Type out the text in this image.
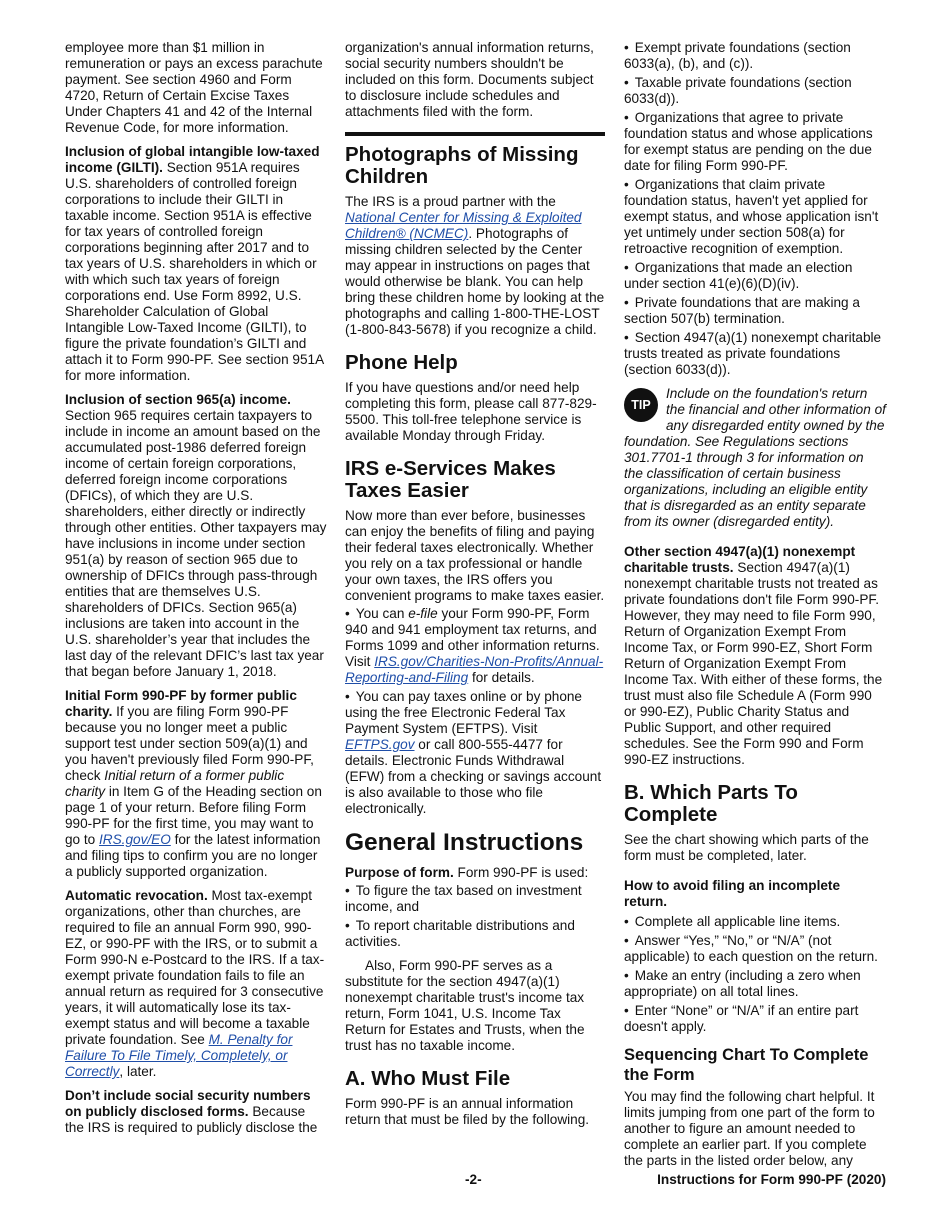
employee more than $1 million in remuneration or pays an excess parachute payment. See section 4960 and Form 4720, Return of Certain Excise Taxes Under Chapters 41 and 42 of the Internal Revenue Code, for more information.

Inclusion of global intangible low-taxed income (GILTI). Section 951A requires U.S. shareholders of controlled foreign corporations to include their GILTI in taxable income. Section 951A is effective for tax years of controlled foreign corporations beginning after 2017 and to tax years of U.S. shareholders in which or with which such tax years of foreign corporations end. Use Form 8992, U.S. Shareholder Calculation of Global Intangible Low-Taxed Income (GILTI), to figure the private foundation’s GILTI and attach it to Form 990-PF. See section 951A for more information.

Inclusion of section 965(a) income. Section 965 requires certain taxpayers to include in income an amount based on the accumulated post-1986 deferred foreign income of certain foreign corporations, deferred foreign income corporations (DFICs), of which they are U.S. shareholders, either directly or indirectly through other entities. Other taxpayers may have inclusions in income under section 951(a) by reason of section 965 due to ownership of DFICs through pass-through entities that are themselves U.S. shareholders of DFICs. Section 965(a) inclusions are taken into account in the U.S. shareholder’s year that includes the last day of the relevant DFIC’s last tax year that began before January 1, 2018.

Initial Form 990-PF by former public charity. If you are filing Form 990-PF because you no longer meet a public support test under section 509(a)(1) and you haven't previously filed Form 990-PF, check Initial return of a former public charity in Item G of the Heading section on page 1 of your return. Before filing Form 990-PF for the first time, you may want to go to IRS.gov/EO for the latest information and filing tips to confirm you are no longer a publicly supported organization.

Automatic revocation. Most tax-exempt organizations, other than churches, are required to file an annual Form 990, 990-EZ, or 990-PF with the IRS, or to submit a Form 990-N e-Postcard to the IRS. If a tax-exempt private foundation fails to file an annual return as required for 3 consecutive years, it will automatically lose its tax-exempt status and will become a taxable private foundation. See M. Penalty for Failure To File Timely, Completely, or Correctly, later.

Don’t include social security numbers on publicly disclosed forms. Because the IRS is required to publicly disclose the

organization's annual information returns, social security numbers shouldn't be included on this form. Documents subject to disclosure include schedules and attachments filed with the form.

Photographs of Missing Children

The IRS is a proud partner with the National Center for Missing & Exploited Children® (NCMEC). Photographs of missing children selected by the Center may appear in instructions on pages that would otherwise be blank. You can help bring these children home by looking at the photographs and calling 1-800-THE-LOST (1-800-843-5678) if you recognize a child.

Phone Help

If you have questions and/or need help completing this form, please call 877-829-5500. This toll-free telephone service is available Monday through Friday.

IRS e-Services Makes Taxes Easier

Now more than ever before, businesses can enjoy the benefits of filing and paying their federal taxes electronically. Whether you rely on a tax professional or handle your own taxes, the IRS offers you convenient programs to make taxes easier.

• You can e-file your Form 990-PF, Form 940 and 941 employment tax returns, and Forms 1099 and other information returns. Visit IRS.gov/Charities-Non-Profits/Annual-Reporting-and-Filing for details.

• You can pay taxes online or by phone using the free Electronic Federal Tax Payment System (EFTPS). Visit EFTPS.gov or call 800-555-4477 for details. Electronic Funds Withdrawal (EFW) from a checking or savings account is also available to those who file electronically.

General Instructions

Purpose of form. Form 990-PF is used:

• To figure the tax based on investment income, and

• To report charitable distributions and activities.

Also, Form 990-PF serves as a substitute for the section 4947(a)(1) nonexempt charitable trust's income tax return, Form 1041, U.S. Income Tax Return for Estates and Trusts, when the trust has no taxable income.

A. Who Must File

Form 990-PF is an annual information return that must be filed by the following.

• Exempt private foundations (section 6033(a), (b), and (c)).

• Taxable private foundations (section 6033(d)).

• Organizations that agree to private foundation status and whose applications for exempt status are pending on the due date for filing Form 990-PF.

• Organizations that claim private foundation status, haven't yet applied for exempt status, and whose application isn't yet untimely under section 508(a) for retroactive recognition of exemption.

• Organizations that made an election under section 41(e)(6)(D)(iv).

• Private foundations that are making a section 507(b) termination.

• Section 4947(a)(1) nonexempt charitable trusts treated as private foundations (section 6033(d)).

TIP
Include on the foundation's return the financial and other information of any disregarded entity owned by the foundation. See Regulations sections 301.7701-1 through 3 for information on the classification of certain business organizations, including an eligible entity that is disregarded as an entity separate from its owner (disregarded entity).

Other section 4947(a)(1) nonexempt charitable trusts. Section 4947(a)(1) nonexempt charitable trusts not treated as private foundations don't file Form 990-PF. However, they may need to file Form 990, Return of Organization Exempt From Income Tax, or Form 990-EZ, Short Form Return of Organization Exempt From Income Tax. With either of these forms, the trust must also file Schedule A (Form 990 or 990-EZ), Public Charity Status and Public Support, and other required schedules. See the Form 990 and Form 990-EZ instructions.

B. Which Parts To Complete

See the chart showing which parts of the form must be completed, later.

How to avoid filing an incomplete return.

• Complete all applicable line items.

• Answer “Yes,” “No,” or “N/A” (not applicable) to each question on the return.

• Make an entry (including a zero when appropriate) on all total lines.

• Enter “None” or “N/A” if an entire part doesn't apply.

Sequencing Chart To Complete the Form

You may find the following chart helpful. It limits jumping from one part of the form to another to figure an amount needed to complete an earlier part. If you complete the parts in the listed order below, any

-2-	Instructions for Form 990-PF (2020)
